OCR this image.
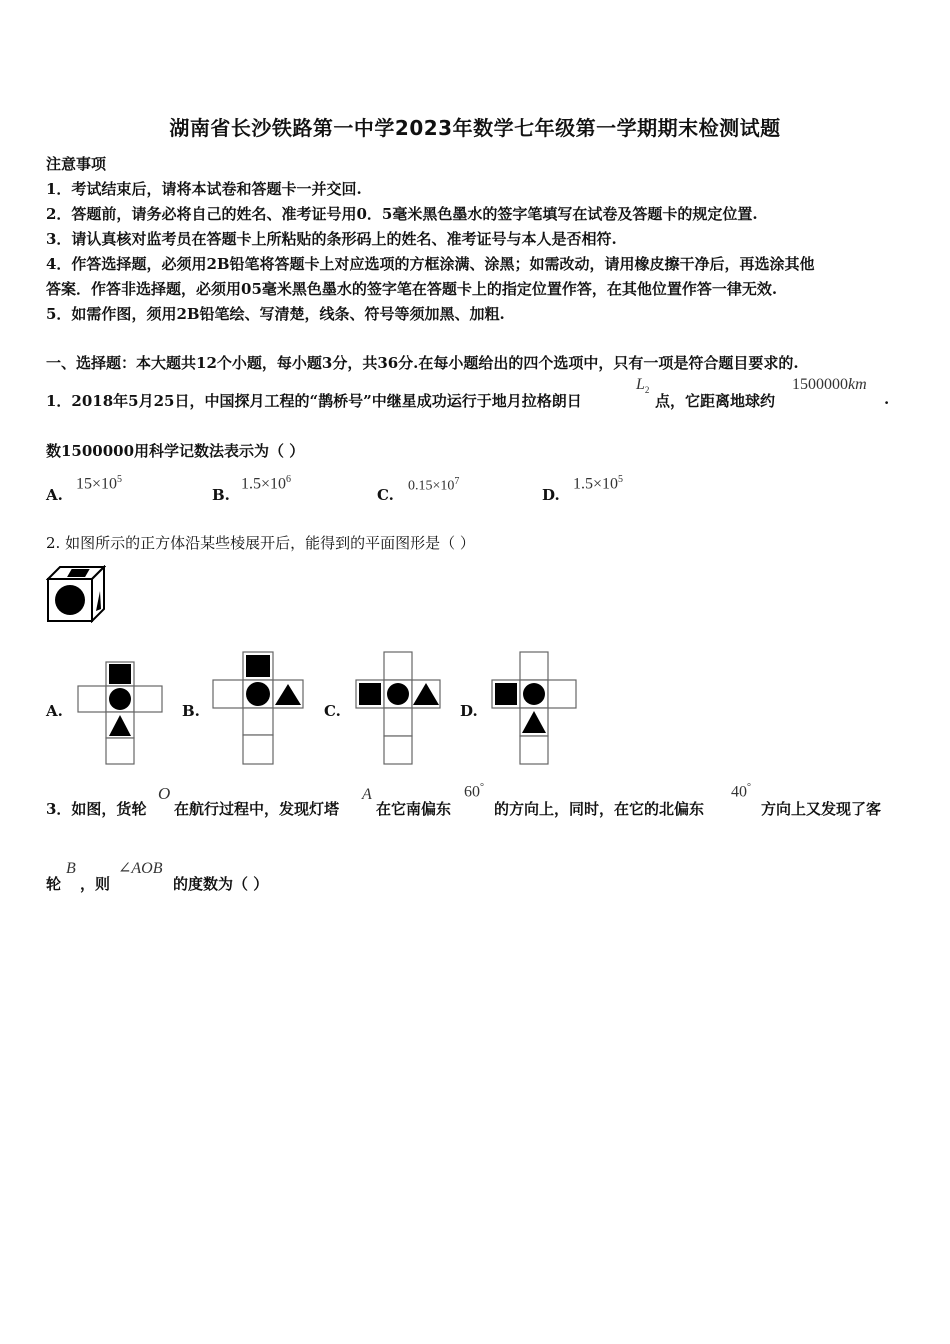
湖南省长沙铁路第一中学2023年数学七年级第一学期期末检测试题
注意事项
1．考试结束后，请将本试卷和答题卡一并交回.
2．答题前，请务必将自己的姓名、准考证号用0．5毫米黑色墨水的签字笔填写在试卷及答题卡的规定位置.
3．请认真核对监考员在答题卡上所粘贴的条形码上的姓名、准考证号与本人是否相符.
4．作答选择题，必须用2B铅笔将答题卡上对应选项的方框涂满、涂黑；如需改动，请用橡皮擦干净后，再选涂其他
答案．作答非选择题，必须用05毫米黑色墨水的签字笔在答题卡上的指定位置作答，在其他位置作答一律无效.
5．如需作图，须用2B铅笔绘、写清楚，线条、符号等须加黑、加粗.
一、选择题：本大题共12个小题，每小题3分，共36分.在每小题给出的四个选项中，只有一项是符合题目要求的.
1．2018年5月25日，中国探月工程的“鹊桥号”中继星成功运行于地月拉格朗日
$L_2$
点，它距离地球约
1500000km
.
数1500000用科学记数法表示为（ ）
A.
$15\times 10^5$
B.
$1.5\times 10^6$
C. $0.15\times 10^7$
D.
$1.5\times 10^5$
2. 如图所示的正方体沿某些棱展开后，能得到的平面图形是（ ）
A.	B.	C.	D.
3．如图，货轮
O
在航行过程中，发现灯塔
A
在它南偏东
60°
的方向上，同时，在它的北偏东
40°
方向上又发现了客
轮
B
，则
∠AOB
的度数为（ ）
